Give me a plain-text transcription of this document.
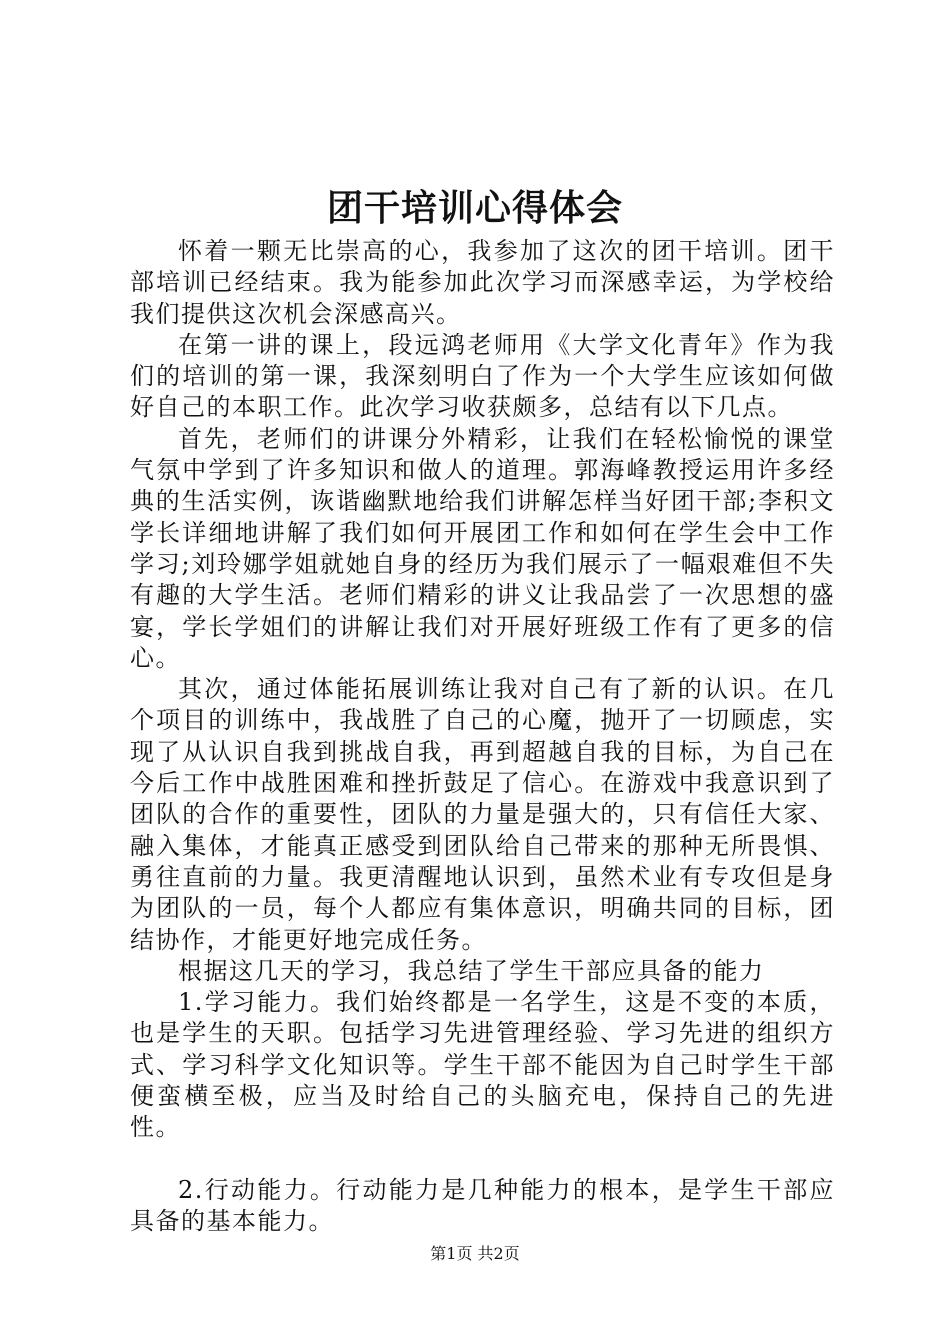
团干培训心得体会

怀着一颗无比崇高的心，我参加了这次的团干培训。团干部培训已经结束。我为能参加此次学习而深感幸运，为学校给我们提供这次机会深感高兴。

在第一讲的课上，段远鸿老师用《大学文化青年》作为我们的培训的第一课，我深刻明白了作为一个大学生应该如何做好自己的本职工作。此次学习收获颇多，总结有以下几点。

首先，老师们的讲课分外精彩，让我们在轻松愉悦的课堂气氛中学到了许多知识和做人的道理。郭海峰教授运用许多经典的生活实例，诙谐幽默地给我们讲解怎样当好团干部;李积文学长详细地讲解了我们如何开展团工作和如何在学生会中工作学习;刘玲娜学姐就她自身的经历为我们展示了一幅艰难但不失有趣的大学生活。老师们精彩的讲义让我品尝了一次思想的盛宴，学长学姐们的讲解让我们对开展好班级工作有了更多的信心。

其次，通过体能拓展训练让我对自己有了新的认识。在几个项目的训练中，我战胜了自己的心魔，抛开了一切顾虑，实现了从认识自我到挑战自我，再到超越自我的目标，为自己在今后工作中战胜困难和挫折鼓足了信心。在游戏中我意识到了团队的合作的重要性，团队的力量是强大的，只有信任大家、融入集体，才能真正感受到团队给自己带来的那种无所畏惧、勇往直前的力量。我更清醒地认识到，虽然术业有专攻但是身为团队的一员，每个人都应有集体意识，明确共同的目标，团结协作，才能更好地完成任务。

根据这几天的学习，我总结了学生干部应具备的能力

1.学习能力。我们始终都是一名学生，这是不变的本质，也是学生的天职。包括学习先进管理经验、学习先进的组织方式、学习科学文化知识等。学生干部不能因为自己时学生干部便蛮横至极，应当及时给自己的头脑充电，保持自己的先进性。

2.行动能力。行动能力是几种能力的根本，是学生干部应具备的基本能力。

第1页 共2页
